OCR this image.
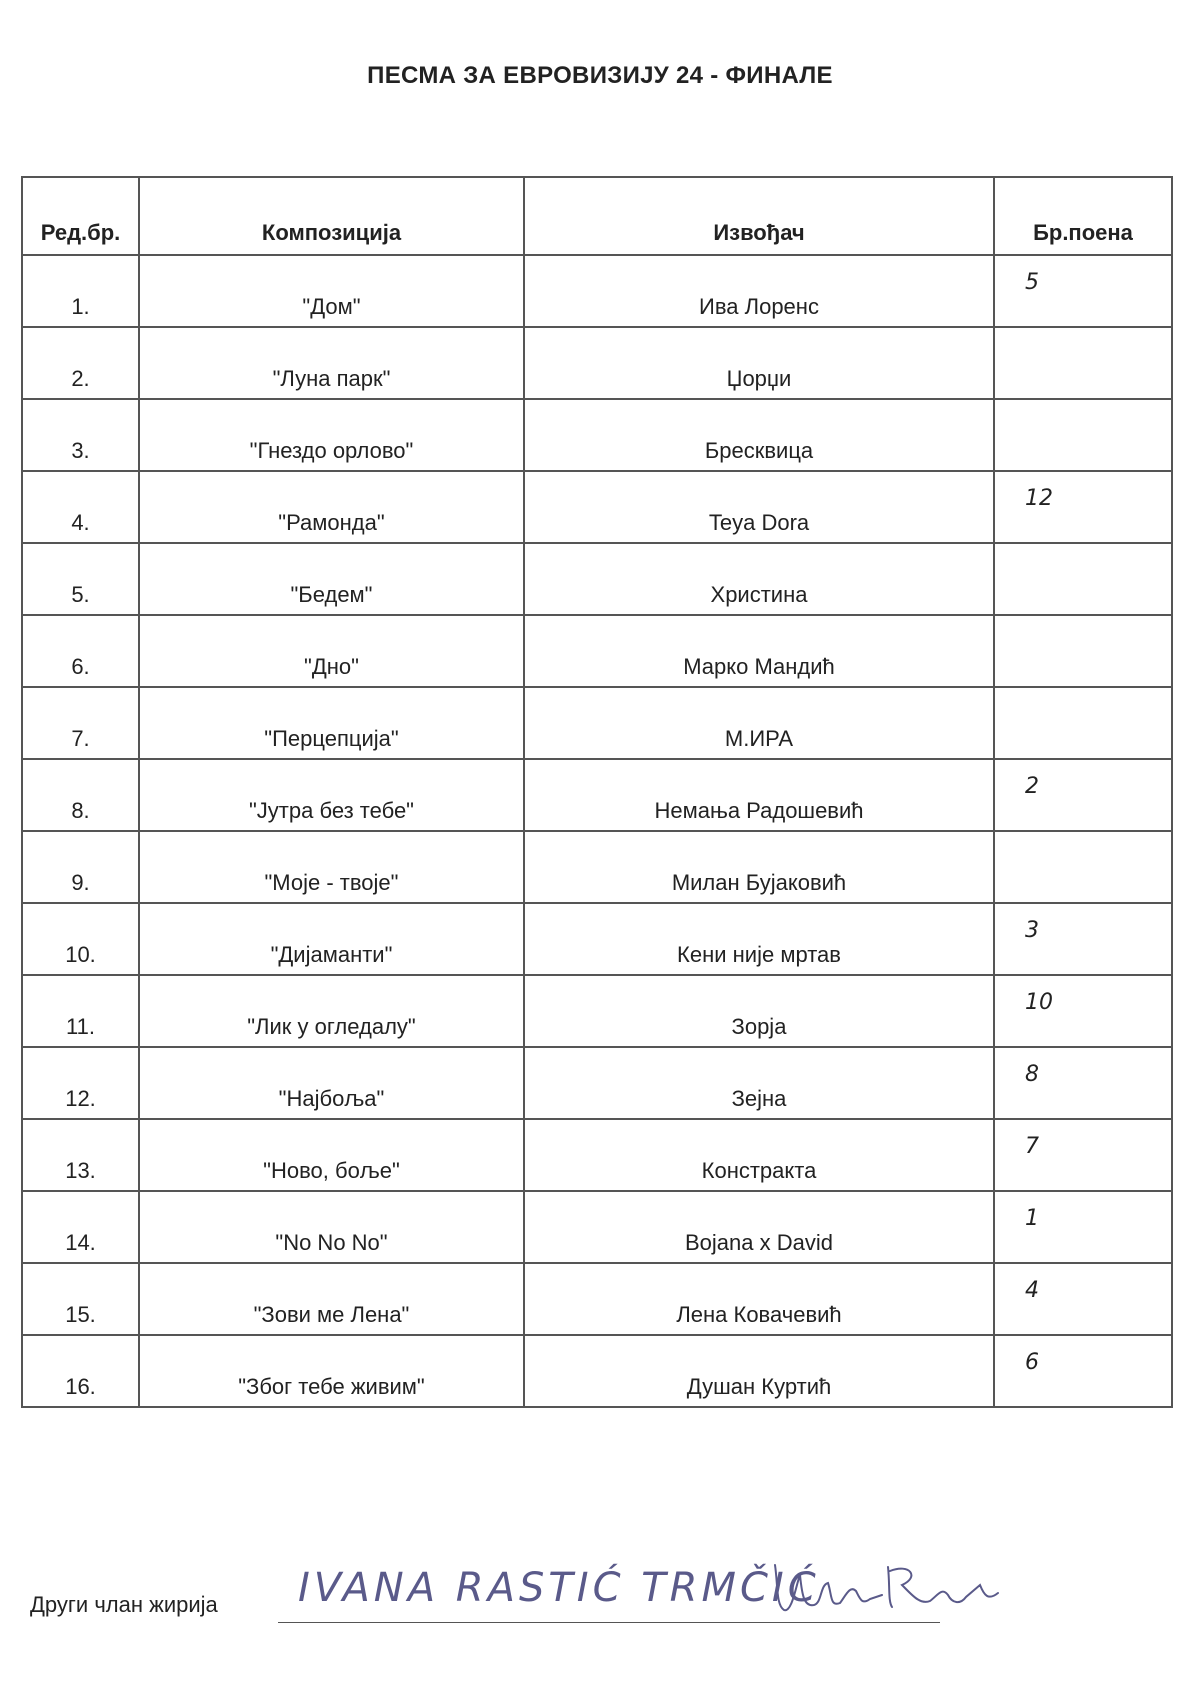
ПЕСМА ЗА ЕВРОВИЗИЈУ 24 - ФИНАЛЕ
Ред.бр.	Композиција	Извођач	Бр.поена
1.	"Дом"	Ива Лоренс	5

2.	"Луна парк"	Џорџи	

3.	"Гнездо орлово"	Бресквица	

4.	"Рамонда"	Teya Dora	12

5.	"Бедем"	Христина	

6.	"Дно"	Марко Мандић	

7.	"Перцепција"	М.ИРА	

8.	"Јутра без тебе"	Немања Радошевић	2

9.	"Моје - твоје"	Милан Бујаковић	

10.	"Дијаманти"	Кени није мртав	3

11.	"Лик у огледалу"	Зорја	10

12.	"Најбоља"	Зејна	8

13.	"Ново, боље"	Констракта	7

14.	"No No No"	Bojana x David	1

15.	"Зови ме Лена"	Лена Ковачевић	4

16.	"Због тебе живим"	Душан Куртић	6
Други члан жирија IVANA RASTIĆ TRMČIĆ
